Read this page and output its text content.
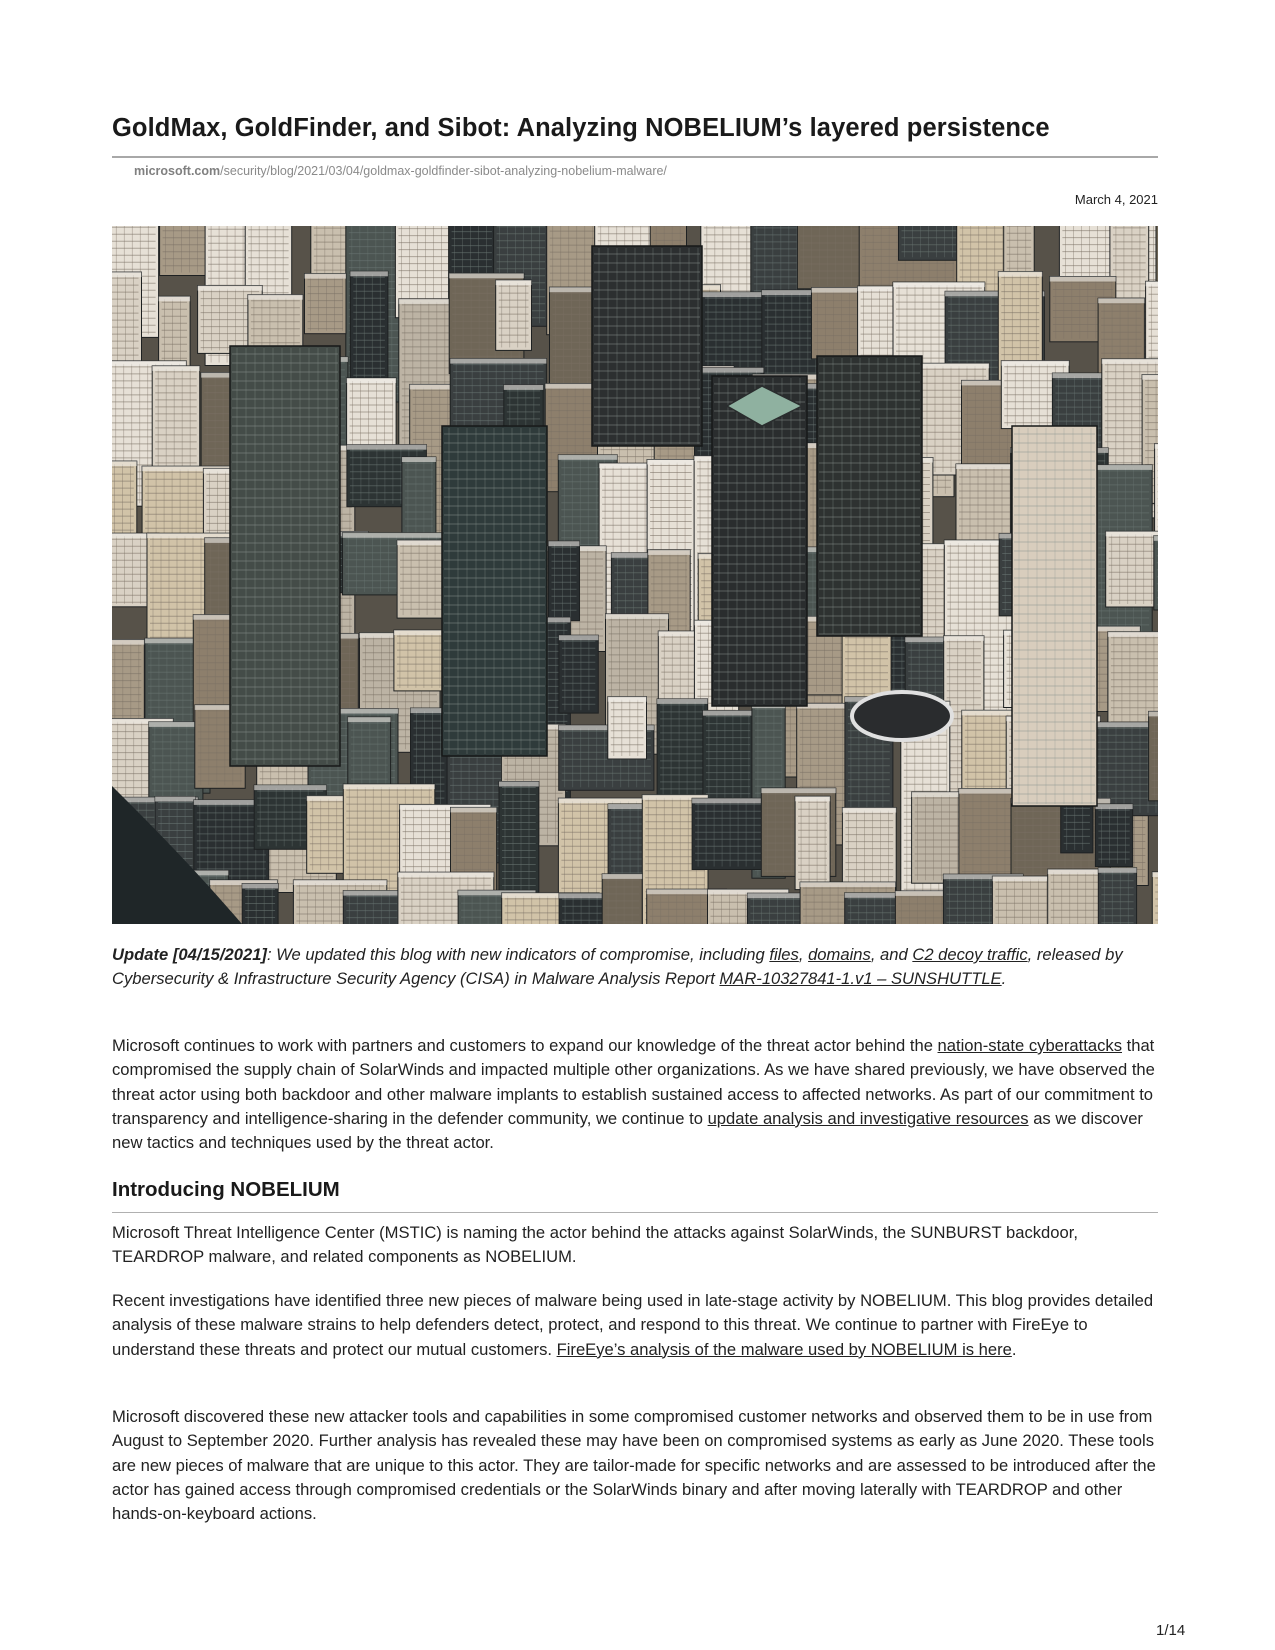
GoldMax, GoldFinder, and Sibot: Analyzing NOBELIUM’s layered persistence
microsoft.com/security/blog/2021/03/04/goldmax-goldfinder-sibot-analyzing-nobelium-malware/
March 4, 2021

Update [04/15/2021]: We updated this blog with new indicators of compromise, including files, domains, and C2 decoy traffic, released by Cybersecurity & Infrastructure Security Agency (CISA) in Malware Analysis Report MAR-10327841-1.v1 – SUNSHUTTLE.

Microsoft continues to work with partners and customers to expand our knowledge of the threat actor behind the nation-state cyberattacks that compromised the supply chain of SolarWinds and impacted multiple other organizations. As we have shared previously, we have observed the threat actor using both backdoor and other malware implants to establish sustained access to affected networks. As part of our commitment to transparency and intelligence-sharing in the defender community, we continue to update analysis and investigative resources as we discover new tactics and techniques used by the threat actor.

Introducing NOBELIUM

Microsoft Threat Intelligence Center (MSTIC) is naming the actor behind the attacks against SolarWinds, the SUNBURST backdoor, TEARDROP malware, and related components as NOBELIUM.

Recent investigations have identified three new pieces of malware being used in late-stage activity by NOBELIUM. This blog provides detailed analysis of these malware strains to help defenders detect, protect, and respond to this threat. We continue to partner with FireEye to understand these threats and protect our mutual customers. FireEye’s analysis of the malware used by NOBELIUM is here.

Microsoft discovered these new attacker tools and capabilities in some compromised customer networks and observed them to be in use from August to September 2020. Further analysis has revealed these may have been on compromised systems as early as June 2020. These tools are new pieces of malware that are unique to this actor. They are tailor-made for specific networks and are assessed to be introduced after the actor has gained access through compromised credentials or the SolarWinds binary and after moving laterally with TEARDROP and other hands-on-keyboard actions.

1/14
